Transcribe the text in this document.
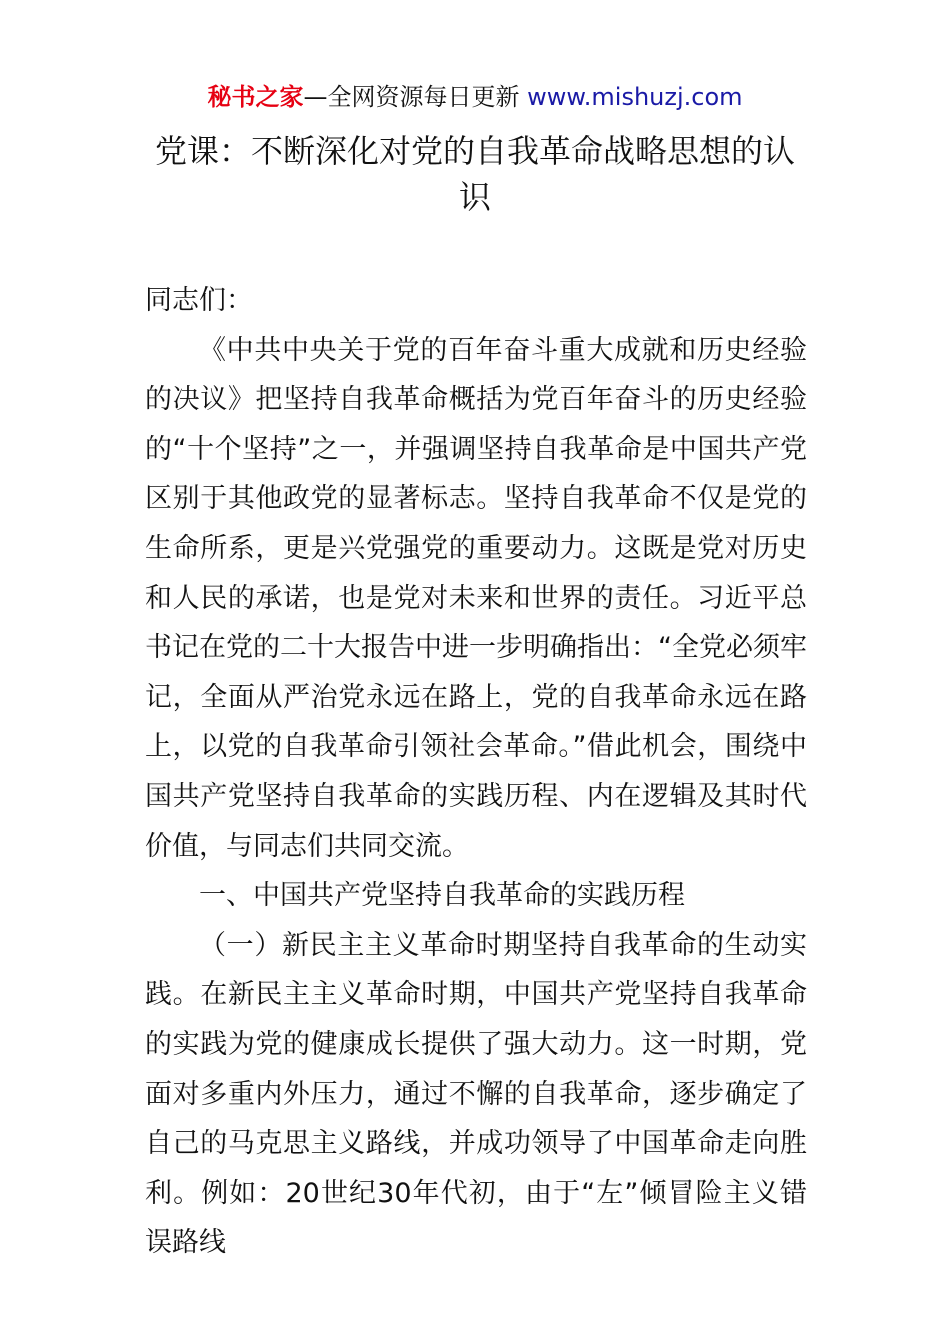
秘书之家—全网资源每日更新 www.mishuzj.com
党课：不断深化对党的自我革命战略思想的认识

同志们：

《中共中央关于党的百年奋斗重大成就和历史经验的决议》把坚持自我革命概括为党百年奋斗的历史经验的“十个坚持”之一，并强调坚持自我革命是中国共产党区别于其他政党的显著标志。坚持自我革命不仅是党的生命所系，更是兴党强党的重要动力。这既是党对历史和人民的承诺，也是党对未来和世界的责任。习近平总书记在党的二十大报告中进一步明确指出：“全党必须牢记，全面从严治党永远在路上，党的自我革命永远在路上，以党的自我革命引领社会革命。”借此机会，围绕中国共产党坚持自我革命的实践历程、内在逻辑及其时代价值，与同志们共同交流。

一、中国共产党坚持自我革命的实践历程

（一）新民主主义革命时期坚持自我革命的生动实践。在新民主主义革命时期，中国共产党坚持自我革命的实践为党的健康成长提供了强大动力。这一时期，党面对多重内外压力，通过不懈的自我革命，逐步确定了自己的马克思主义路线，并成功领导了中国革命走向胜利。例如：20世纪30年代初，由于“左”倾冒险主义错误路线
